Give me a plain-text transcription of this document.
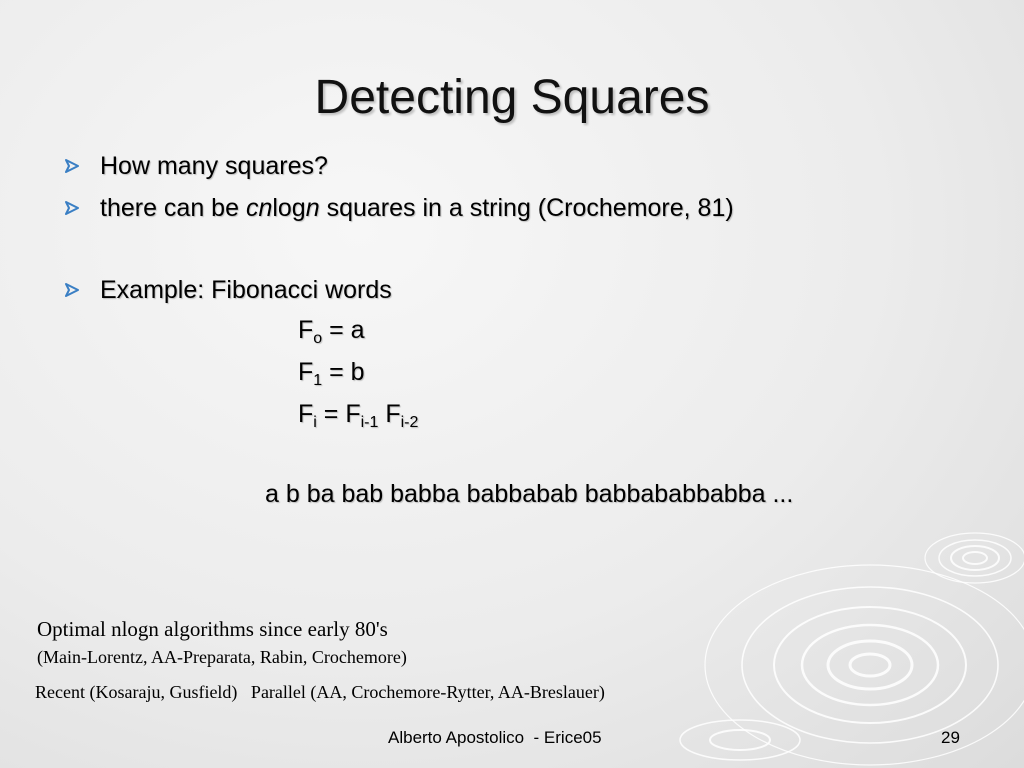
Detecting Squares
How many squares?
there can be cnlogn squares in a string (Crochemore, 81)
Example: Fibonacci words
$F_o = a$
$F_1 = b$
$F_i = F_{i-1}$ $F_{i-2}$
a b ba bab babba babbabab babbababbabba ...
Optimal nlogn algorithms since early 80's
(Main-Lorentz, AA-Preparata, Rabin, Crochemore)
Recent (Kosaraju, Gusfield)   Parallel (AA, Crochemore-Rytter, AA-Breslauer)
Alberto Apostolico  - Erice05	29
